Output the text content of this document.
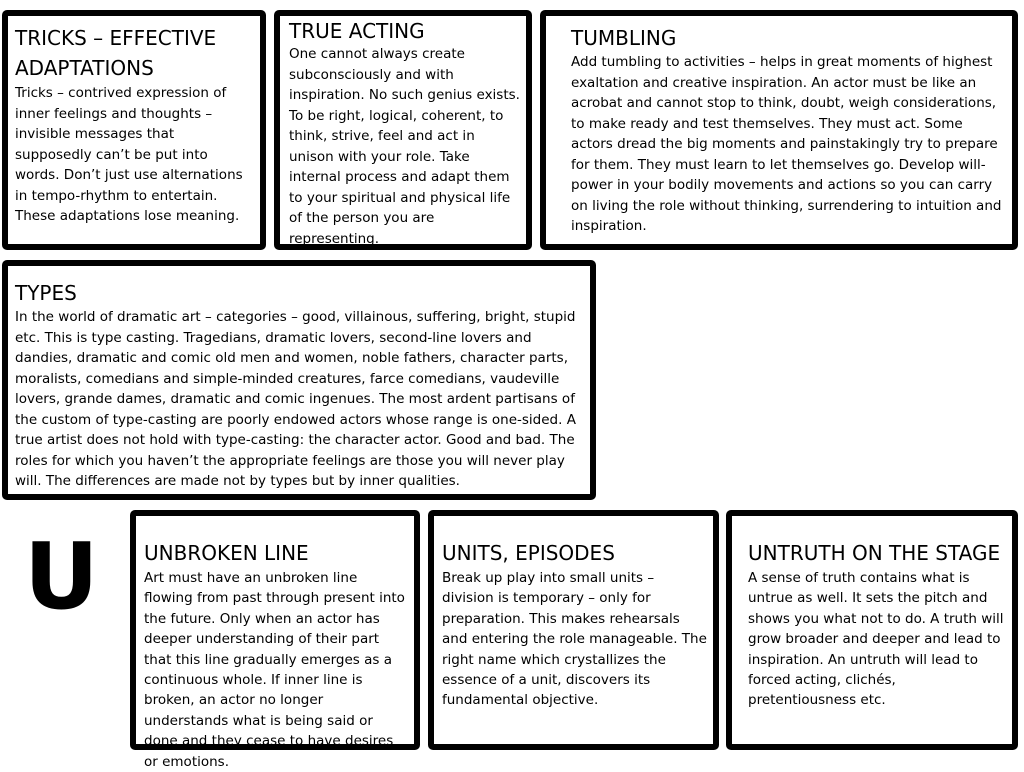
TRICKS – EFFECTIVE ADAPTATIONS

Tricks – contrived expression of inner feelings and thoughts – invisible messages that supposedly can’t be put into words. Don’t just use alternations in tempo-rhythm to entertain. These adaptations lose meaning.

TRUE ACTING

One cannot always create subconsciously and with inspiration. No such genius exists. To be right, logical, coherent, to think, strive, feel and act in unison with your role. Take internal process and adapt them to your spiritual and physical life of the person you are representing.

TUMBLING

Add tumbling to activities – helps in great moments of highest exaltation and creative inspiration. An actor must be like an acrobat and cannot stop to think, doubt, weigh considerations, to make ready and test themselves. They must act. Some actors dread the big moments and painstakingly try to prepare for them. They must learn to let themselves go. Develop will-power in your bodily movements and actions so you can carry on living the role without thinking, surrendering to intuition and inspiration.

TYPES

In the world of dramatic art – categories – good, villainous, suffering, bright, stupid etc. This is type casting. Tragedians, dramatic lovers, second-line lovers and dandies, dramatic and comic old men and women, noble fathers, character parts, moralists, comedians and simple-minded creatures, farce comedians, vaudeville lovers, grande dames, dramatic and comic ingenues. The most ardent partisans of the custom of type-casting are poorly endowed actors whose range is one-sided. A true artist does not hold with type-casting: the character actor. Good and bad. The roles for which you haven’t the appropriate feelings are those you will never play will. The differences are made not by types but by inner qualities.

U UNBROKEN LINE

Art must have an unbroken line flowing from past through present into the future. Only when an actor has deeper understanding of their part that this line gradually emerges as a continuous whole. If inner line is broken, an actor no longer understands what is being said or done and they cease to have desires or emotions.

UNITS, EPISODES

Break up play into small units – division is temporary – only for preparation. This makes rehearsals and entering the role manageable. The right name which crystallizes the essence of a unit, discovers its fundamental objective.

UNTRUTH ON THE STAGE

A sense of truth contains what is untrue as well. It sets the pitch and shows you what not to do. A truth will grow broader and deeper and lead to inspiration. An untruth will lead to forced acting, clichés, pretentiousness etc.
